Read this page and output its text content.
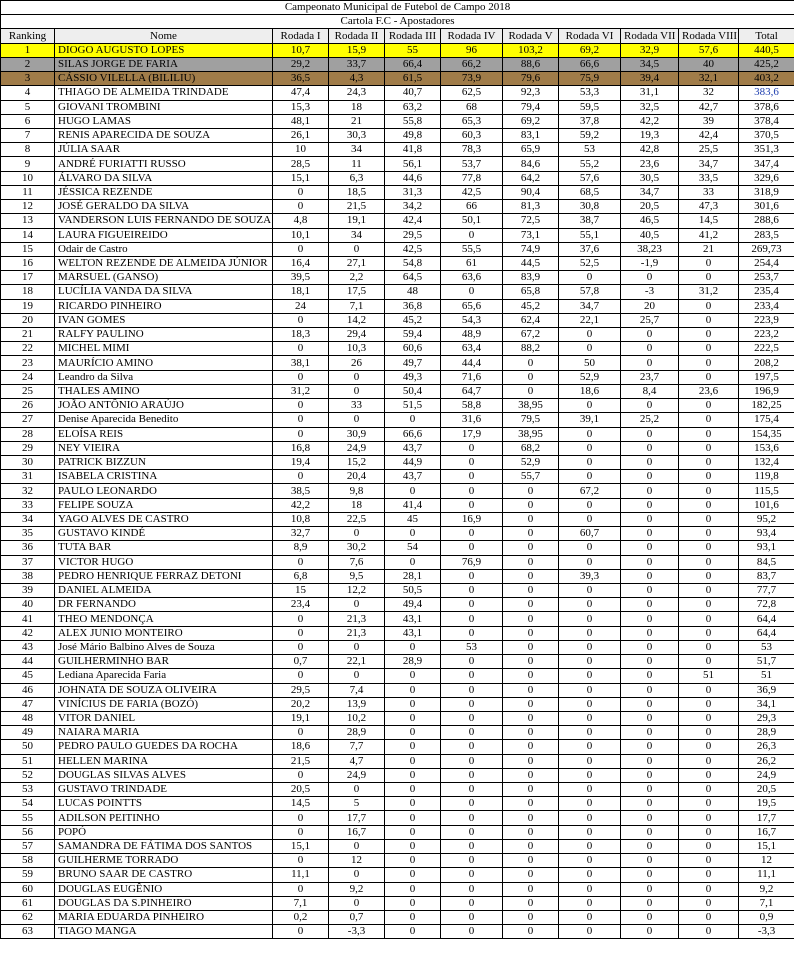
Campeonato Municipal de Futebol de Campo 2018										
Cartola F.C - Apostadores										
Ranking	Nome	Rodada I	Rodada II	Rodada III	Rodada IV	Rodada V	Rodada VI	Rodada VII	Rodada VIII	Total
1	DIOGO AUGUSTO LOPES	10,7	15,9	55	96	103,2	69,2	32,9	57,6	440,5
2	SILAS JORGE DE FARIA	29,2	33,7	66,4	66,2	88,6	66,6	34,5	40	425,2
3	CÁSSIO VILELLA (BILILIU)	36,5	4,3	61,5	73,9	79,6	75,9	39,4	32,1	403,2
4	THIAGO DE ALMEIDA TRINDADE	47,4	24,3	40,7	62,5	92,3	53,3	31,1	32	383,6
5	GIOVANI TROMBINI	15,3	18	63,2	68	79,4	59,5	32,5	42,7	378,6
6	HUGO LAMAS	48,1	21	55,8	65,3	69,2	37,8	42,2	39	378,4
7	RENIS APARECIDA DE SOUZA	26,1	30,3	49,8	60,3	83,1	59,2	19,3	42,4	370,5
8	JÚLIA SAAR	10	34	41,8	78,3	65,9	53	42,8	25,5	351,3
9	ANDRÉ FURIATTI RUSSO	28,5	11	56,1	53,7	84,6	55,2	23,6	34,7	347,4
10	ÁLVARO DA SILVA	15,1	6,3	44,6	77,8	64,2	57,6	30,5	33,5	329,6
11	JÉSSICA REZENDE	0	18,5	31,3	42,5	90,4	68,5	34,7	33	318,9
12	JOSÉ GERALDO DA SILVA	0	21,5	34,2	66	81,3	30,8	20,5	47,3	301,6
13	VANDERSON LUIS FERNANDO DE SOUZA	4,8	19,1	42,4	50,1	72,5	38,7	46,5	14,5	288,6
14	LAURA FIGUEIREIDO	10,1	34	29,5	0	73,1	55,1	40,5	41,2	283,5
15	Odair de Castro	0	0	42,5	55,5	74,9	37,6	38,23	21	269,73
16	WELTON REZENDE DE ALMEIDA JÚNIOR	16,4	27,1	54,8	61	44,5	52,5	-1,9	0	254,4
17	MARSUEL (GANSO)	39,5	2,2	64,5	63,6	83,9	0	0	0	253,7
18	LUCÍLIA VANDA DA SILVA	18,1	17,5	48	0	65,8	57,8	-3	31,2	235,4
19	RICARDO PINHEIRO	24	7,1	36,8	65,6	45,2	34,7	20	0	233,4
20	IVAN GOMES	0	14,2	45,2	54,3	62,4	22,1	25,7	0	223,9
21	RALFY PAULINO	18,3	29,4	59,4	48,9	67,2	0	0	0	223,2
22	MICHEL MIMI	0	10,3	60,6	63,4	88,2	0	0	0	222,5
23	MAURÍCIO AMINO	38,1	26	49,7	44,4	0	50	0	0	208,2
24	Leandro da Silva	0	0	49,3	71,6	0	52,9	23,7	0	197,5
25	THALES AMINO	31,2	0	50,4	64,7	0	18,6	8,4	23,6	196,9
26	JOÃO ANTÔNIO ARAÚJO	0	33	51,5	58,8	38,95	0	0	0	182,25
27	Denise Aparecida Benedito	0	0	0	31,6	79,5	39,1	25,2	0	175,4
28	ELOÍSA REIS	0	30,9	66,6	17,9	38,95	0	0	0	154,35
29	NEY VIEIRA	16,8	24,9	43,7	0	68,2	0	0	0	153,6
30	PATRICK BIZZUN	19,4	15,2	44,9	0	52,9	0	0	0	132,4
31	ISABELA CRISTINA	0	20,4	43,7	0	55,7	0	0	0	119,8
32	PAULO LEONARDO	38,5	9,8	0	0	0	67,2	0	0	115,5
33	FELIPE SOUZA	42,2	18	41,4	0	0	0	0	0	101,6
34	YAGO ALVES DE CASTRO	10,8	22,5	45	16,9	0	0	0	0	95,2
35	GUSTAVO KINDÉ	32,7	0	0	0	0	60,7	0	0	93,4
36	TUTA BAR	8,9	30,2	54	0	0	0	0	0	93,1
37	VICTOR HUGO	0	7,6	0	76,9	0	0	0	0	84,5
38	PEDRO HENRIQUE FERRAZ DETONI	6,8	9,5	28,1	0	0	39,3	0	0	83,7
39	DANIEL ALMEIDA	15	12,2	50,5	0	0	0	0	0	77,7
40	DR FERNANDO	23,4	0	49,4	0	0	0	0	0	72,8
41	THEO MENDONÇA	0	21,3	43,1	0	0	0	0	0	64,4
42	ALEX JUNIO MONTEIRO	0	21,3	43,1	0	0	0	0	0	64,4
43	José Mário Balbino Alves de Souza	0	0	0	53	0	0	0	0	53
44	GUILHERMINHO BAR	0,7	22,1	28,9	0	0	0	0	0	51,7
45	Lediana Aparecida Faria	0	0	0	0	0	0	0	51	51
46	JOHNATA DE SOUZA OLIVEIRA	29,5	7,4	0	0	0	0	0	0	36,9
47	VINÍCIUS DE FARIA (BOZÓ)	20,2	13,9	0	0	0	0	0	0	34,1
48	VITOR DANIEL	19,1	10,2	0	0	0	0	0	0	29,3
49	NAIARA MARIA	0	28,9	0	0	0	0	0	0	28,9
50	PEDRO PAULO GUEDES DA ROCHA	18,6	7,7	0	0	0	0	0	0	26,3
51	HELLEN MARINA	21,5	4,7	0	0	0	0	0	0	26,2
52	DOUGLAS SILVAS ALVES	0	24,9	0	0	0	0	0	0	24,9
53	GUSTAVO TRINDADE	20,5	0	0	0	0	0	0	0	20,5
54	LUCAS POINTTS	14,5	5	0	0	0	0	0	0	19,5
55	ADILSON PEITINHO	0	17,7	0	0	0	0	0	0	17,7
56	POPÓ	0	16,7	0	0	0	0	0	0	16,7
57	SAMANDRA DE FÁTIMA DOS SANTOS	15,1	0	0	0	0	0	0	0	15,1
58	GUILHERME TORRADO	0	12	0	0	0	0	0	0	12
59	BRUNO SAAR DE CASTRO	11,1	0	0	0	0	0	0	0	11,1
60	DOUGLAS EUGÊNIO	0	9,2	0	0	0	0	0	0	9,2
61	DOUGLAS DA S.PINHEIRO	7,1	0	0	0	0	0	0	0	7,1
62	MARIA EDUARDA PINHEIRO	0,2	0,7	0	0	0	0	0	0	0,9
63	TIAGO MANGA	0	-3,3	0	0	0	0	0	0	-3,3
